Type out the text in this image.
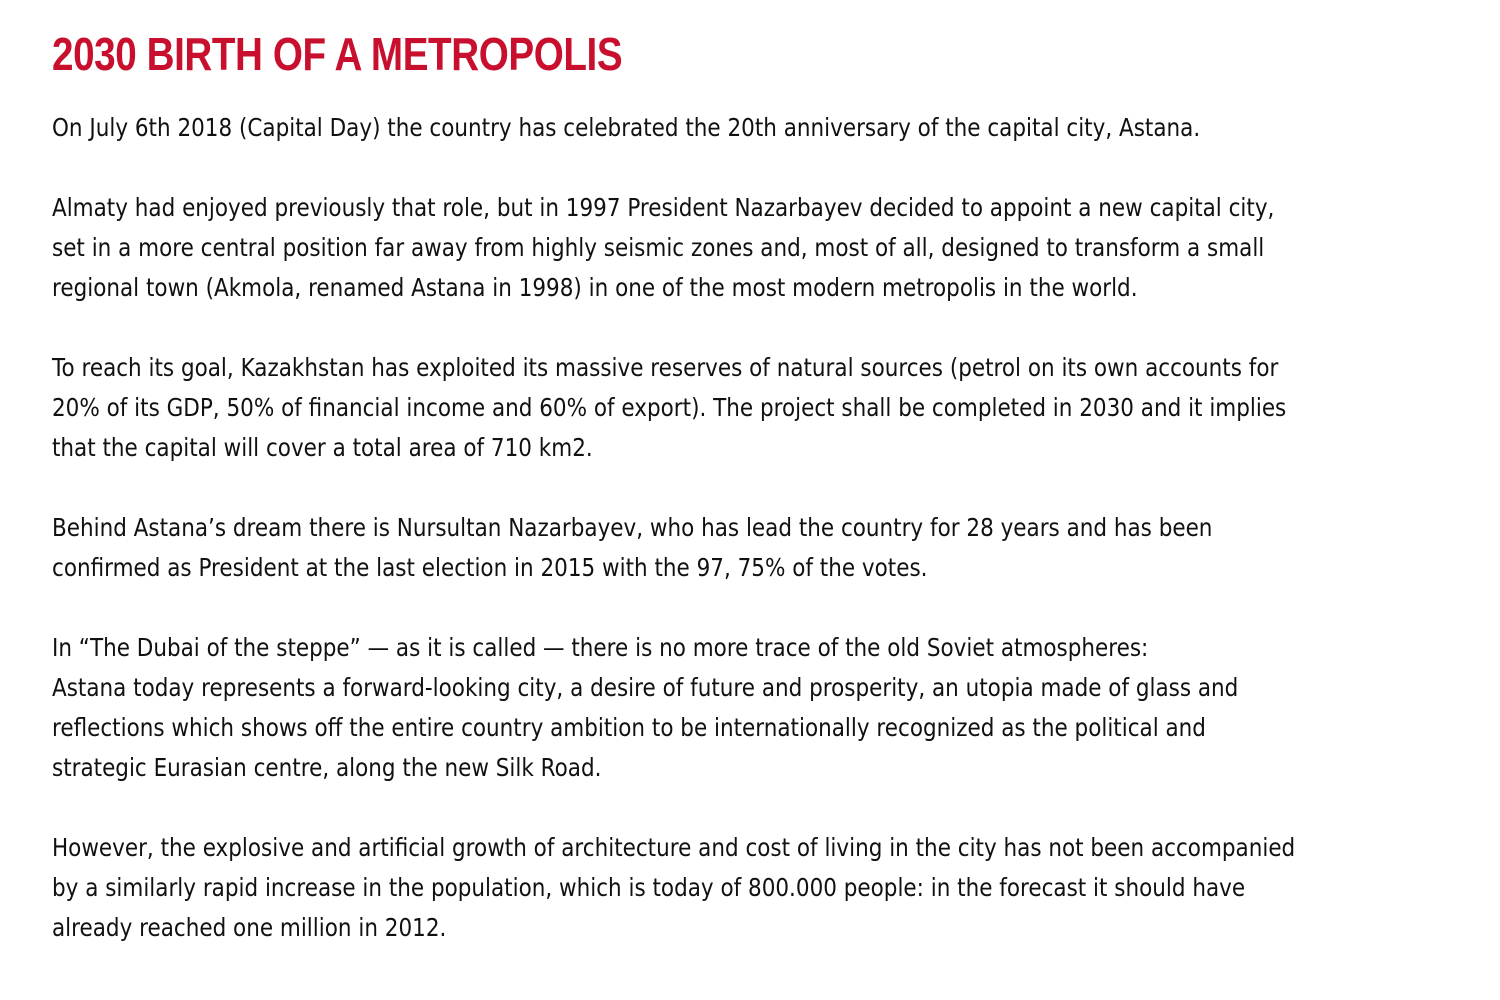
2030 BIRTH OF A METROPOLIS

On July 6th 2018 (Capital Day) the country has celebrated the 20th anniversary of the capital city, Astana.

Almaty had enjoyed previously that role, but in 1997 President Nazarbayev decided to appoint a new capital city,
set in a more central position far away from highly seismic zones and, most of all, designed to transform a small
regional town (Akmola, renamed Astana in 1998) in one of the most modern metropolis in the world.

To reach its goal, Kazakhstan has exploited its massive reserves of natural sources (petrol on its own accounts for
20% of its GDP, 50% of financial income and 60% of export). The project shall be completed in 2030 and it implies
that the capital will cover a total area of 710 km2.

Behind Astana’s dream there is Nursultan Nazarbayev, who has lead the country for 28 years and has been
confirmed as President at the last election in 2015 with the 97, 75% of the votes.

In “The Dubai of the steppe” — as it is called — there is no more trace of the old Soviet atmospheres:
Astana today represents a forward-looking city, a desire of future and prosperity, an utopia made of glass and
reflections which shows off the entire country ambition to be internationally recognized as the political and
strategic Eurasian centre, along the new Silk Road.

However, the explosive and artificial growth of architecture and cost of living in the city has not been accompanied
by a similarly rapid increase in the population, which is today of 800.000 people: in the forecast it should have
already reached one million in 2012.
